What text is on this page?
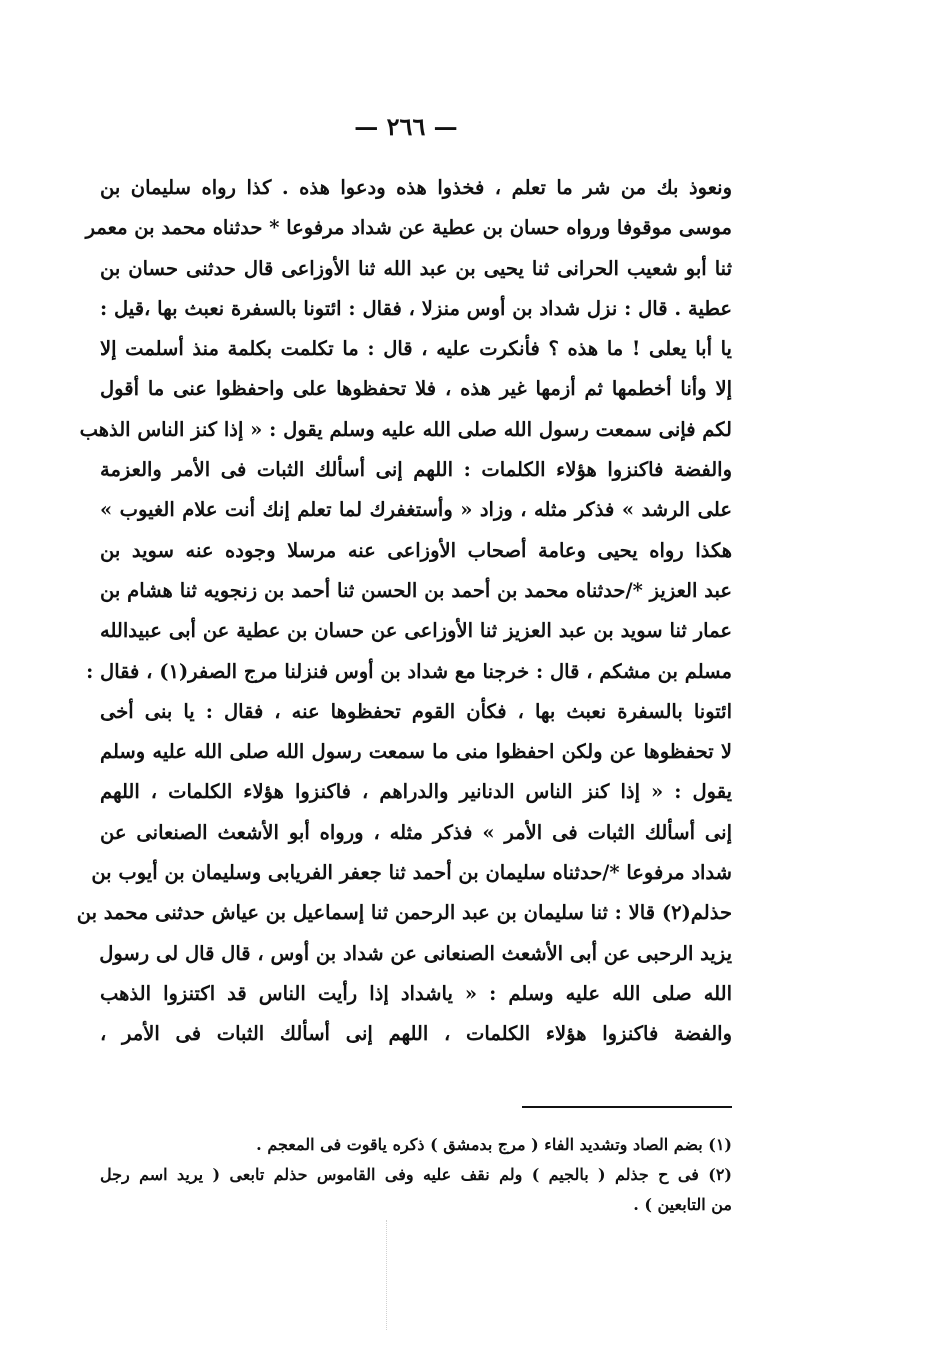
— ٢٦٦ —
ونعوذ بك من شر ما تعلم ، فخذوا هذه ودعوا هذه . كذا رواه سليمان بن
موسى موقوفا ورواه حسان بن عطية عن شداد مرفوعا * حدثناه محمد بن معمر
ثنا أبو شعيب الحرانى ثنا يحيى بن عبد الله ثنا الأوزاعى قال حدثنى حسان بن
عطية . قال : نزل شداد بن أوس منزلا ، فقال : ائتونا بالسفرة نعبث بها ،قيل :
يا أبا يعلى ! ما هذه ؟ فأنكرت عليه ، قال : ما تكلمت بكلمة منذ أسلمت إلا
إلا وأنا أخطمها ثم أزمها غير هذه ، فلا تحفظوها على واحفظوا عنى ما أقول
لكم فإنى سمعت رسول الله صلى الله عليه وسلم يقول : « إذا كنز الناس الذهب
والفضة فاكنزوا هؤلاء الكلمات : اللهم إنى أسألك الثبات فى الأمر والعزمة
على الرشد » فذكر مثله ، وزاد « وأستغفرك لما تعلم إنك أنت علام الغيوب »
هكذا رواه يحيى وعامة أصحاب الأوزاعى عنه مرسلا وجوده عنه سويد بن
عبد العزيز */حدثناه محمد بن أحمد بن الحسن ثنا أحمد بن زنجويه ثنا هشام بن
عمار ثنا سويد بن عبد العزيز ثنا الأوزاعى عن حسان بن عطية عن أبى عبيدالله
مسلم بن مشكم ، قال : خرجنا مع شداد بن أوس فنزلنا مرج الصفر(١) ، فقال :
ائتونا بالسفرة نعبث بها ، فكأن القوم تحفظوها عنه ، فقال : يا بنى أخى
لا تحفظوها عن ولكن احفظوا منى ما سمعت رسول الله صلى الله عليه وسلم
يقول : « إذا كنز الناس الدنانير والدراهم ، فاكنزوا هؤلاء الكلمات ، اللهم
إنى أسألك الثبات فى الأمر » فذكر مثله ، ورواه أبو الأشعث الصنعانى عن
شداد مرفوعا */حدثناه سليمان بن أحمد ثنا جعفر الفريابى وسليمان بن أيوب بن
حذلم(٢) قالا : ثنا سليمان بن عبد الرحمن ثنا إسماعيل بن عياش حدثنى محمد بن
يزيد الرحبى عن أبى الأشعث الصنعانى عن شداد بن أوس ، قال قال لى رسول
الله صلى الله عليه وسلم : « ياشداد إذا رأيت الناس قد اكتنزوا الذهب
والفضة فاكنزوا هؤلاء الكلمات ، اللهم إنى أسألك الثبات فى الأمر ،
(١) بضم الصاد وتشديد الفاء ( مرج بدمشق ) ذكره ياقوت فى المعجم .
(٢) فى ح جذلم ( بالجيم ) ولم نقف عليه وفى القاموس حذلم تابعى ( يريد اسم رجل
من التابعين ) .
